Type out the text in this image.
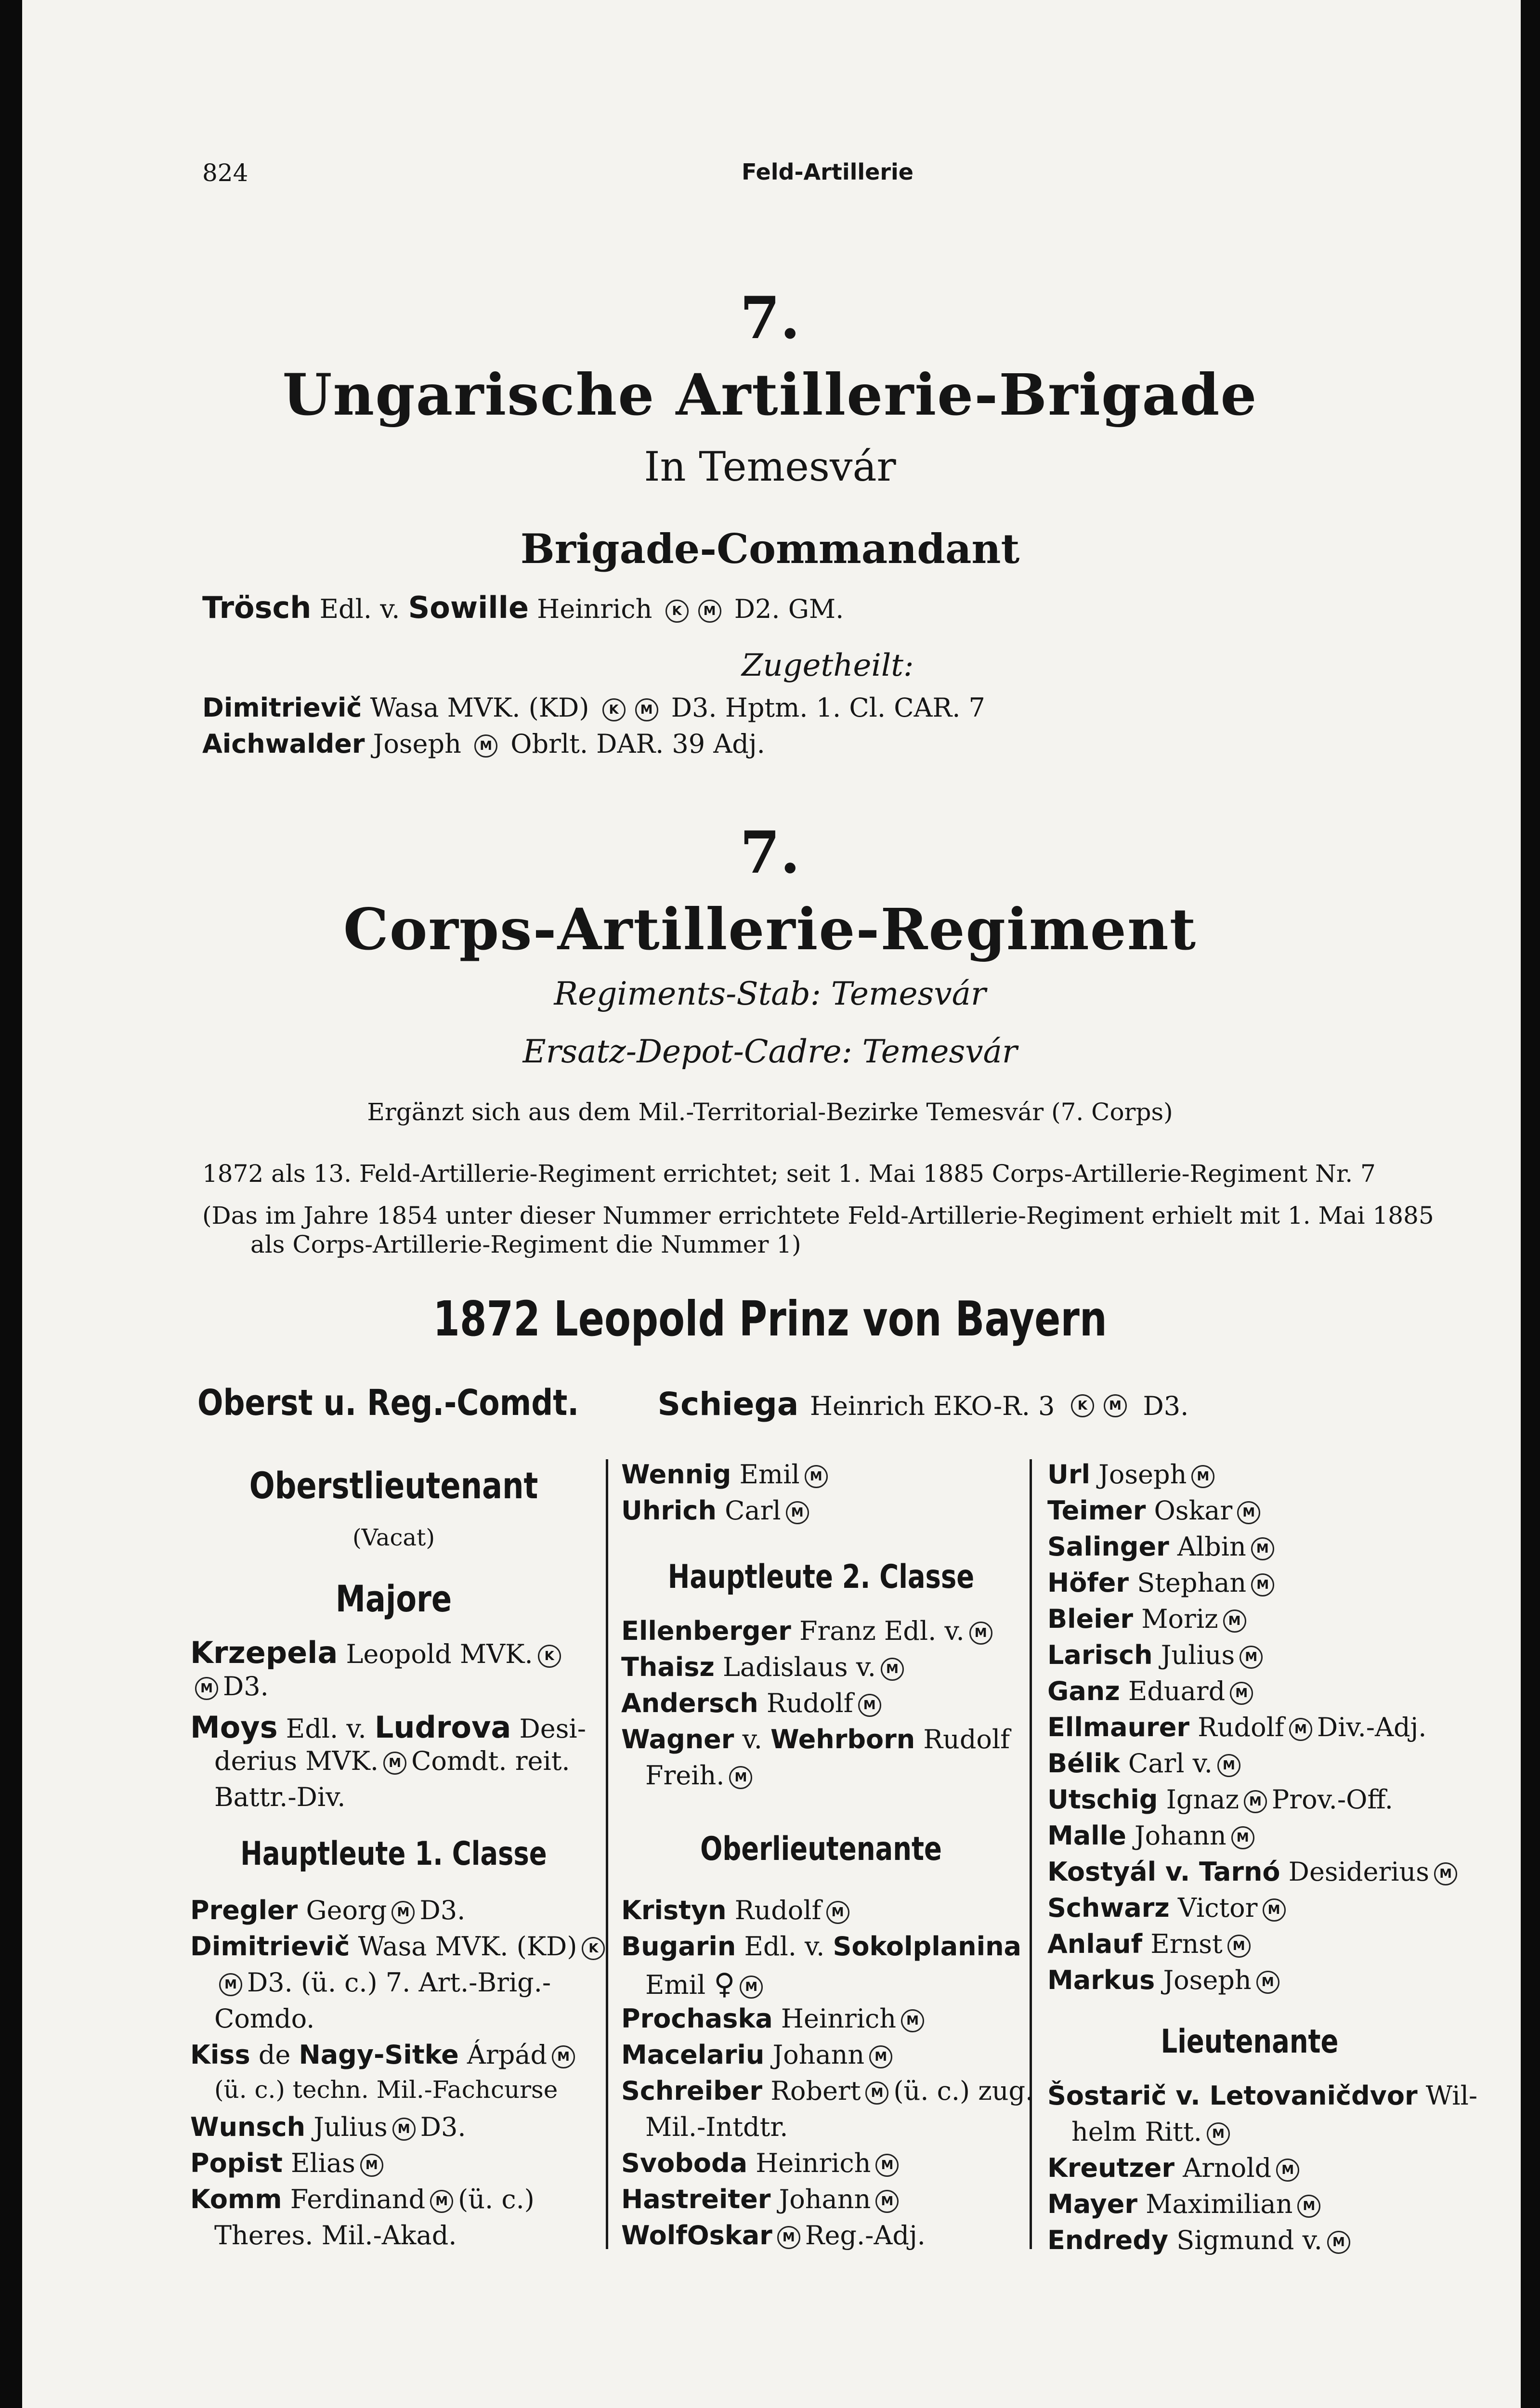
824	Feld-Artillerie
7.
Ungarische Artillerie-Brigade
In Temesvár
Brigade-Commandant
Trösch Edl. v. Sowille Heinrich K M D2. GM.
Zugetheilt:
Dimitrievič Wasa MVK. (KD) K M D3. Hptm. 1. Cl. CAR. 7
Aichwalder Joseph M Obrlt. DAR. 39 Adj.
7.
Corps-Artillerie-Regiment
Regiments-Stab: Temesvár
Ersatz-Depot-Cadre: Temesvár
Ergänzt sich aus dem Mil.-Territorial-Bezirke Temesvár (7. Corps)
1872 als 13. Feld-Artillerie-Regiment errichtet; seit 1. Mai 1885 Corps-Artillerie-Regiment Nr. 7
(Das im Jahre 1854 unter dieser Nummer errichtete Feld-Artillerie-Regiment erhielt mit 1. Mai 1885
als Corps-Artillerie-Regiment die Nummer 1)
1872 Leopold Prinz von Bayern
Oberst u. Reg.-Comdt. Schiega Heinrich EKO-R. 3 K M D3.
Oberstlieutenant
(Vacat)
Majore
Krzepela Leopold MVK. K
M D3.
Moys Edl. v. Ludrova Desi-
derius MVK. M Comdt. reit.
Battr.-Div.
Hauptleute 1. Classe
Pregler Georg M D3.
Dimitrievič Wasa MVK. (KD) K
M D3. (ü. c.) 7. Art.-Brig.-
Comdo.
Kiss de Nagy-Sitke Árpád M
(ü. c.) techn. Mil.-Fachcurse
Wunsch Julius M D3.
Popist Elias M
Komm Ferdinand M (ü. c.)
Theres. Mil.-Akad.
Wennig Emil M
Uhrich Carl M
Hauptleute 2. Classe
Ellenberger Franz Edl. v. M
Thaisz Ladislaus v. M
Andersch Rudolf M
Wagner v. Wehrborn Rudolf
Freih. M
Oberlieutenante
Kristyn Rudolf M
Bugarin Edl. v. Sokolplanina
Emil ♀ M
Prochaska Heinrich M
Macelariu Johann M
Schreiber Robert M (ü. c.) zug.
Mil.-Intdtr.
Svoboda Heinrich M
Hastreiter Johann M
WolfOskar M Reg.-Adj.
Url Joseph M
Teimer Oskar M
Salinger Albin M
Höfer Stephan M
Bleier Moriz M
Larisch Julius M
Ganz Eduard M
Ellmaurer Rudolf M Div.-Adj.
Bélik Carl v. M
Utschig Ignaz M Prov.-Off.
Malle Johann M
Kostyál v. Tarnó Desiderius M
Schwarz Victor M
Anlauf Ernst M
Markus Joseph M
Lieutenante
Šostarič v. Letovaničdvor Wil-
helm Ritt. M
Kreutzer Arnold M
Mayer Maximilian M
Endredy Sigmund v. M
